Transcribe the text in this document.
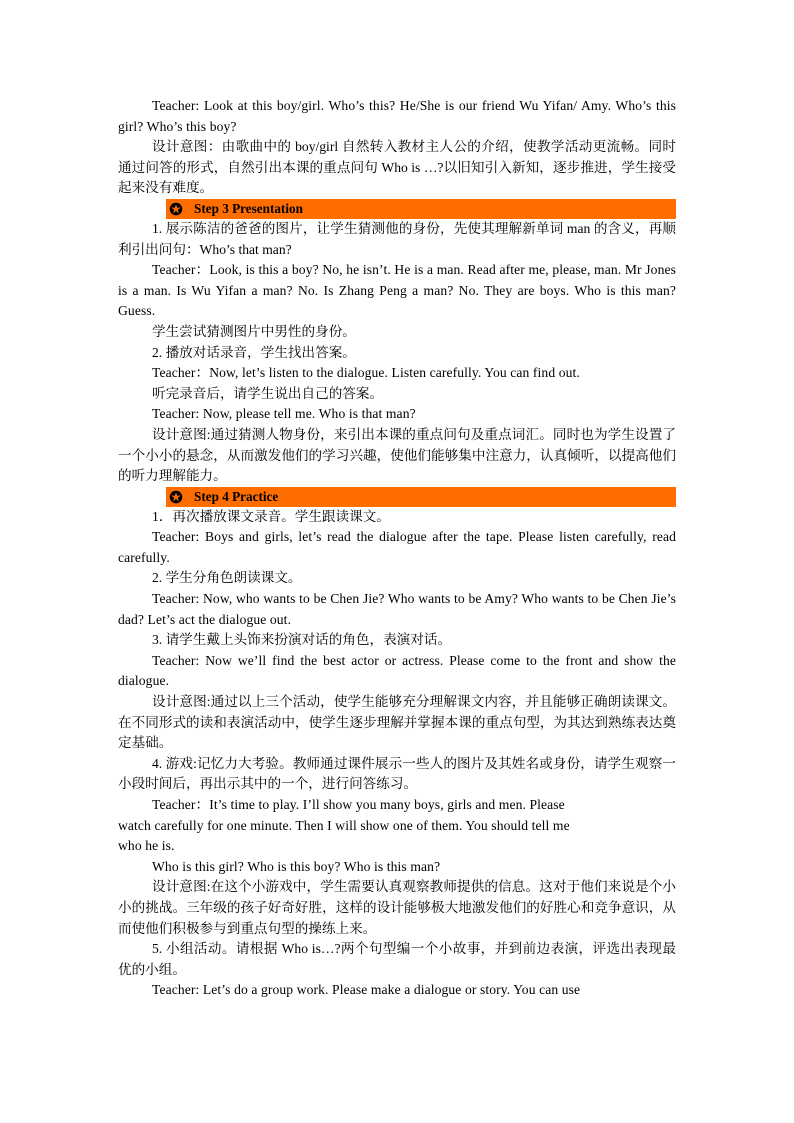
Teacher: Look at this boy/girl. Who’s this? He/She is our friend Wu Yifan/ Amy. Who’s this girl? Who’s this boy?

设计意图：由歌曲中的 boy/girl 自然转入教材主人公的介绍，使教学活动更流畅。同时通过问答的形式，自然引出本课的重点问句 Who is …?以旧知引入新知，逐步推进，学生接受起来没有难度。

Step 3 Presentation

1. 展示陈洁的爸爸的图片，让学生猜测他的身份，先使其理解新单词 man 的含义，再顺利引出问句：Who’s that man?

Teacher：Look, is this a boy? No, he isn’t. He is a man. Read after me, please, man. Mr Jones is a man. Is Wu Yifan a man? No. Is Zhang Peng a man? No. They are boys. Who is this man? Guess.

学生尝试猜测图片中男性的身份。

2. 播放对话录音，学生找出答案。

Teacher：Now, let’s listen to the dialogue. Listen carefully. You can find out.

听完录音后，请学生说出自己的答案。

Teacher: Now, please tell me. Who is that man?

设计意图:通过猜测人物身份，来引出本课的重点问句及重点词汇。同时也为学生设置了一个小小的悬念，从而激发他们的学习兴趣，使他们能够集中注意力，认真倾听，以提高他们的听力理解能力。

Step 4 Practice

1．再次播放课文录音。学生跟读课文。

Teacher: Boys and girls, let’s read the dialogue after the tape. Please listen carefully, read carefully.

2. 学生分角色朗读课文。

Teacher: Now, who wants to be Chen Jie? Who wants to be Amy? Who wants to be Chen Jie’s dad? Let’s act the dialogue out.

3. 请学生戴上头饰来扮演对话的角色，表演对话。

Teacher: Now we’ll find the best actor or actress. Please come to the front and show the dialogue.

设计意图:通过以上三个活动，使学生能够充分理解课文内容，并且能够正确朗读课文。在不同形式的读和表演活动中，使学生逐步理解并掌握本课的重点句型，为其达到熟练表达奠定基础。

4. 游戏:记忆力大考验。教师通过课件展示一些人的图片及其姓名或身份，请学生观察一小段时间后，再出示其中的一个，进行问答练习。

Teacher：It’s time to play. I’ll show you many boys, girls and men. Please

watch carefully for one minute. Then I will show one of them. You should tell me

who he is.

Who is this girl? Who is this boy? Who is this man?

设计意图:在这个小游戏中，学生需要认真观察教师提供的信息。这对于他们来说是个小小的挑战。三年级的孩子好奇好胜，这样的设计能够极大地激发他们的好胜心和竞争意识，从而使他们积极参与到重点句型的操练上来。

5. 小组活动。请根据 Who is…?两个句型编一个小故事，并到前边表演，评选出表现最优的小组。

Teacher: Let’s do a group work. Please make a dialogue or story. You can use
